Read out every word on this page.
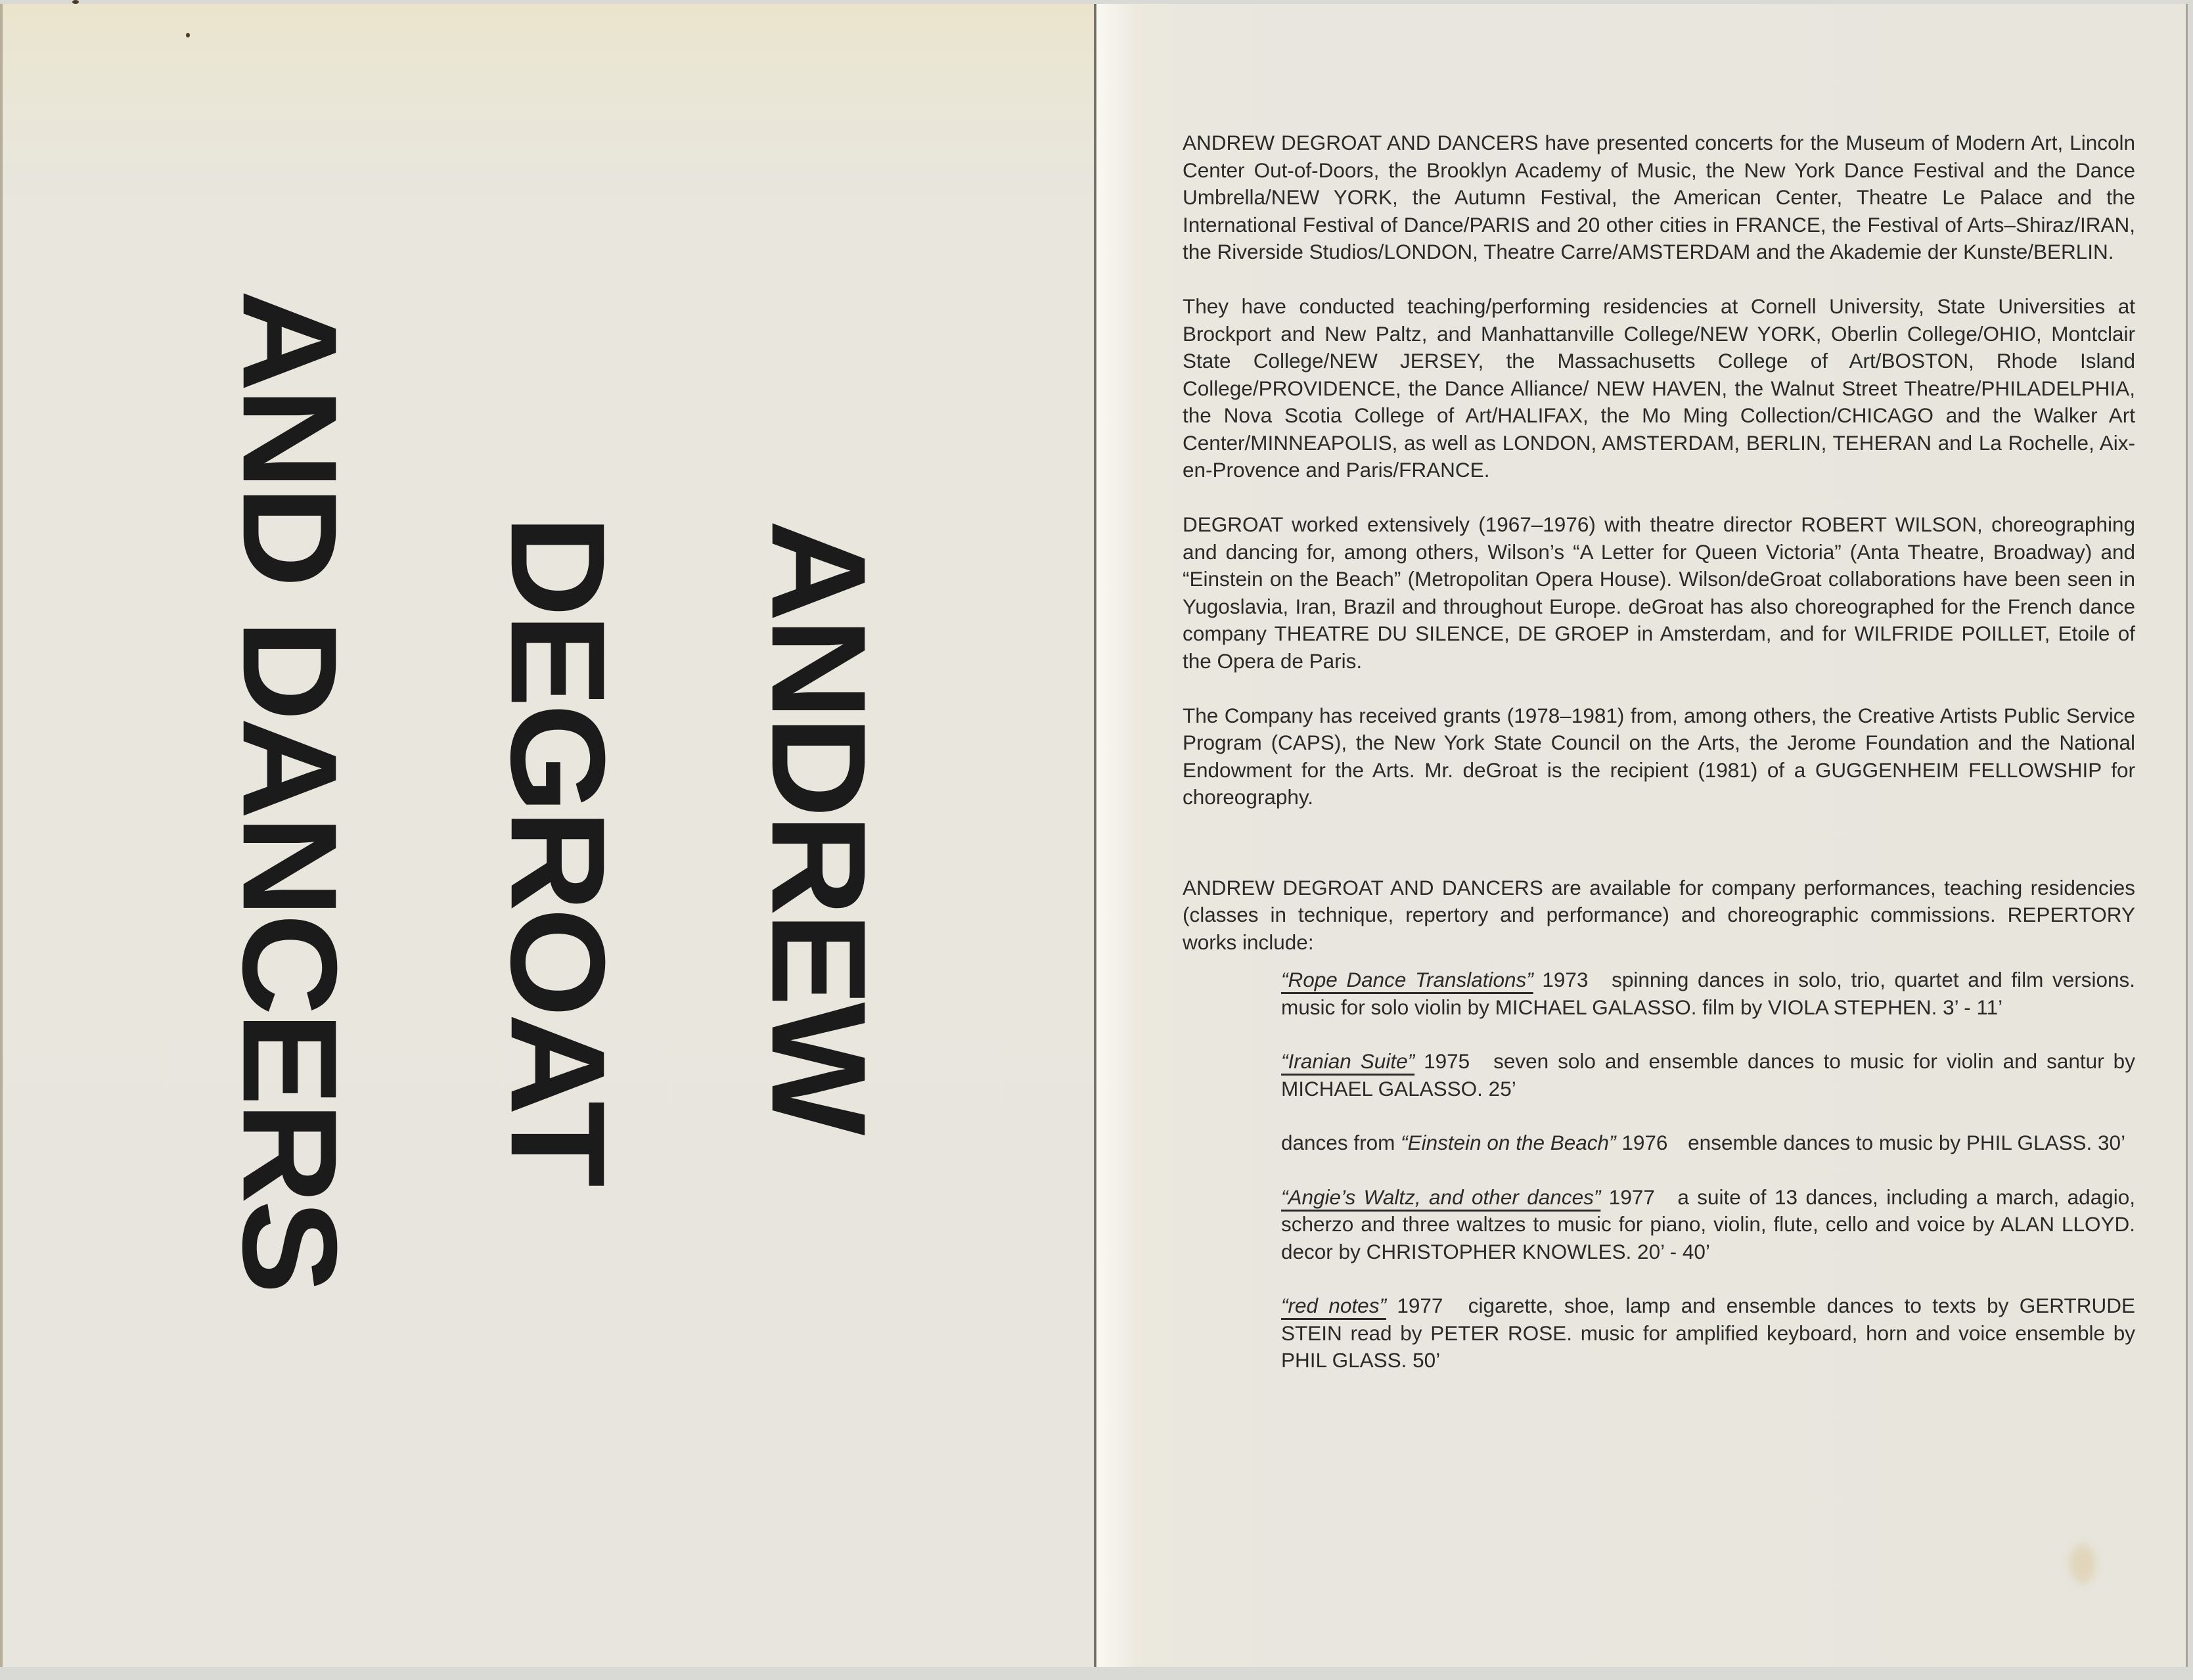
ANDREW
DEGROAT
AND DANCERS

ANDREW DEGROAT AND DANCERS have presented concerts for the Museum of Modern Art, Lincoln Center Out-of-Doors, the Brooklyn Academy of Music, the New York Dance Festival and the Dance Umbrella/NEW YORK, the Autumn Festival, the American Center, Theatre Le Palace and the International Festival of Dance/PARIS and 20 other cities in FRANCE, the Festival of Arts–Shiraz/IRAN, the Riverside Studios/LONDON, Theatre Carre/AMSTERDAM and the Akademie der Kunste/BERLIN.

They have conducted teaching/performing residencies at Cornell University, State Universities at Brockport and New Paltz, and Manhattanville College/NEW YORK, Oberlin College/OHIO, Montclair State College/NEW JERSEY, the Massachusetts College of Art/BOSTON, Rhode Island College/PROVIDENCE, the Dance Alliance/ NEW HAVEN, the Walnut Street Theatre/PHILADELPHIA, the Nova Scotia College of Art/HALIFAX, the Mo Ming Collection/CHICAGO and the Walker Art Center/MINNEAPOLIS, as well as LONDON, AMSTERDAM, BERLIN, TEHERAN and La Rochelle, Aix-en-Provence and Paris/FRANCE.

DEGROAT worked extensively (1967–1976) with theatre director ROBERT WILSON, choreographing and dancing for, among others, Wilson’s “A Letter for Queen Victoria” (Anta Theatre, Broadway) and “Einstein on the Beach” (Metropolitan Opera House). Wilson/deGroat collaborations have been seen in Yugoslavia, Iran, Brazil and throughout Europe. deGroat has also choreographed for the French dance company THEATRE DU SILENCE, DE GROEP in Amsterdam, and for WILFRIDE POILLET, Etoile of the Opera de Paris.

The Company has received grants (1978–1981) from, among others, the Creative Artists Public Service Program (CAPS), the New York State Council on the Arts, the Jerome Foundation and the National Endowment for the Arts. Mr. deGroat is the recipient (1981) of a GUGGENHEIM FELLOWSHIP for choreography.

ANDREW DEGROAT AND DANCERS are available for company performances, teaching residencies (classes in technique, repertory and performance) and choreographic commissions. REPERTORY works include:

“Rope Dance Translations” 1973 spinning dances in solo, trio, quartet and film versions. music for solo violin by MICHAEL GALASSO. film by VIOLA STEPHEN. 3’ - 11’
“Iranian Suite” 1975 seven solo and ensemble dances to music for violin and santur by MICHAEL GALASSO. 25’
dances from “Einstein on the Beach” 1976 ensemble dances to music by PHIL GLASS. 30’
“Angie’s Waltz, and other dances” 1977 a suite of 13 dances, including a march, adagio, scherzo and three waltzes to music for piano, violin, flute, cello and voice by ALAN LLOYD. decor by CHRISTOPHER KNOWLES. 20’ - 40’
“red notes” 1977 cigarette, shoe, lamp and ensemble dances to texts by GERTRUDE STEIN read by PETER ROSE. music for amplified keyboard, horn and voice ensemble by PHIL GLASS. 50’
